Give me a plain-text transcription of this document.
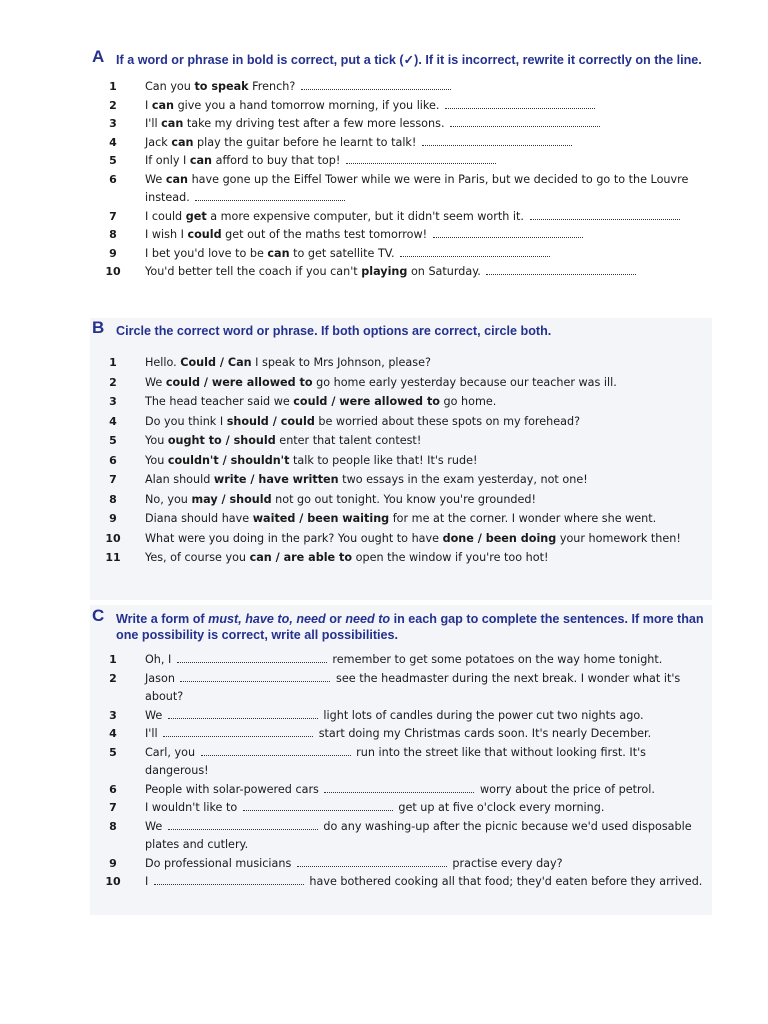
A If a word or phrase in bold is correct, put a tick (✓). If it is incorrect, rewrite it correctly on the line.
1	Can you to speak French?
2	I can give you a hand tomorrow morning, if you like.
3	I'll can take my driving test after a few more lessons.
4	Jack can play the guitar before he learnt to talk!
5	If only I can afford to buy that top!
6	We can have gone up the Eiffel Tower while we were in Paris, but we decided to go to the Louvre instead.
7	I could get a more expensive computer, but it didn't seem worth it.
8	I wish I could get out of the maths test tomorrow!
9	I bet you'd love to be can to get satellite TV.
10	You'd better tell the coach if you can't playing on Saturday.
B Circle the correct word or phrase. If both options are correct, circle both.
1	Hello. Could / Can I speak to Mrs Johnson, please?
2	We could / were allowed to go home early yesterday because our teacher was ill.
3	The head teacher said we could / were allowed to go home.
4	Do you think I should / could be worried about these spots on my forehead?
5	You ought to / should enter that talent contest!
6	You couldn't / shouldn't talk to people like that! It's rude!
7	Alan should write / have written two essays in the exam yesterday, not one!
8	No, you may / should not go out tonight. You know you're grounded!
9	Diana should have waited / been waiting for me at the corner. I wonder where she went.
10	What were you doing in the park? You ought to have done / been doing your homework then!
11	Yes, of course you can / are able to open the window if you're too hot!
C Write a form of must, have to, need or need to in each gap to complete the sentences. If more than one possibility is correct, write all possibilities.
1	Oh, I	remember to get some potatoes on the way home tonight.
2	Jason	see the headmaster during the next break. I wonder what it's about?
3	We	light lots of candles during the power cut two nights ago.
4	I'll	start doing my Christmas cards soon. It's nearly December.
5	Carl, you	run into the street like that without looking first. It's dangerous!
6	People with solar-powered cars	worry about the price of petrol.
7	I wouldn't like to	get up at five o'clock every morning.
8	We	do any washing-up after the picnic because we'd used disposable plates and cutlery.
9	Do professional musicians	practise every day?
10	I	have bothered cooking all that food; they'd eaten before they arrived.
